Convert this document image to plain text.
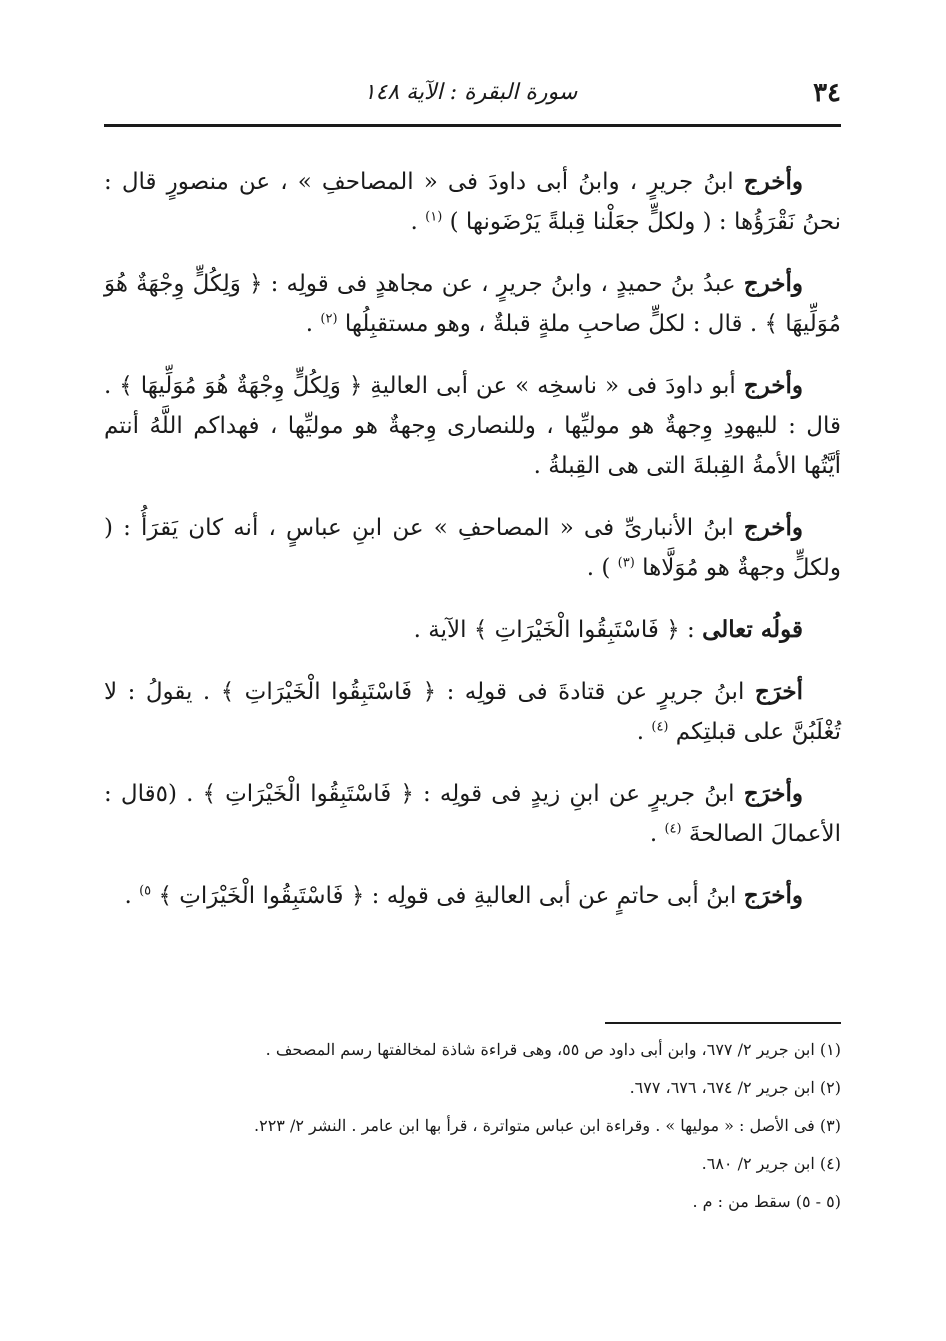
٣٤
سورة البقرة : الآية ١٤٨

وأخرج ابنُ جريرٍ ، وابنُ أبى داودَ فى « المصاحفِ » ، عن منصورٍ قال : نحنُ نَقْرَؤُها : ( ولكلٍّ جعَلْنا قِبلةً يَرْضَونها ) $^{(١)}$ .

وأخرج عبدُ بنُ حميدٍ ، وابنُ جريرٍ ، عن مجاهدٍ فى قولِه : ﴿ وَلِكُلٍّ وِجْهَةٌ هُوَ مُوَلِّيهَا ﴾ . قال : لكلٍّ صاحبِ ملةٍ قبلةٌ ، وهو مستقبِلُها $^{(٢)}$ .

وأخرج أبو داودَ فى « ناسخِه » عن أبى العاليةِ ﴿ وَلِكُلٍّ وِجْهَةٌ هُوَ مُوَلِّيهَا ﴾ . قال : لليهودِ وِجهةٌ هو موليِّها ، وللنصارى وِجهةٌ هو موليِّها ، فهداكم اللَّهُ أنتم أيَّتُها الأمةُ القِبلةَ التى هى القِبلةُ .

وأخرج ابنُ الأنبارىِّ فى « المصاحفِ » عن ابنِ عباسٍ ، أنه كان يَقرَأُ : ( ولكلٍّ وجهةٌ هو مُوَلَّاها $^{(٣)}$ ) .

قولُه تعالى : ﴿ فَاسْتَبِقُوا الْخَيْرَاتِ ﴾ الآية .

أخرَج ابنُ جريرٍ عن قتادةَ فى قولِه : ﴿ فَاسْتَبِقُوا الْخَيْرَاتِ ﴾ . يقولُ : لا تُغْلَبُنَّ على قبلتِكم $^{(٤)}$ .

وأخرَج ابنُ جريرٍ عن ابنِ زيدٍ فى قولِه : ﴿ فَاسْتَبِقُوا الْخَيْرَاتِ ﴾ . (٥قال : الأعمالَ الصالحةَ $^{(٤)}$ .

وأخرَج ابنُ أبى حاتمٍ عن أبى العاليةِ فى قولِه : ﴿ فَاسْتَبِقُوا الْخَيْرَاتِ ﴾ $^{٥)}$ .

(١) ابن جرير ٢/ ٦٧٧، وابن أبى داود ص ٥٥، وهى قراءة شاذة لمخالفتها رسم المصحف .

(٢) ابن جرير ٢/ ٦٧٤، ٦٧٦، ٦٧٧.

(٣) فى الأصل : « موليها » . وقراءة ابن عباس متواترة ، قرأ بها ابن عامر . النشر ٢/ ٢٢٣.

(٤) ابن جرير ٢/ ٦٨٠.

(٥ - ٥) سقط من : م .
